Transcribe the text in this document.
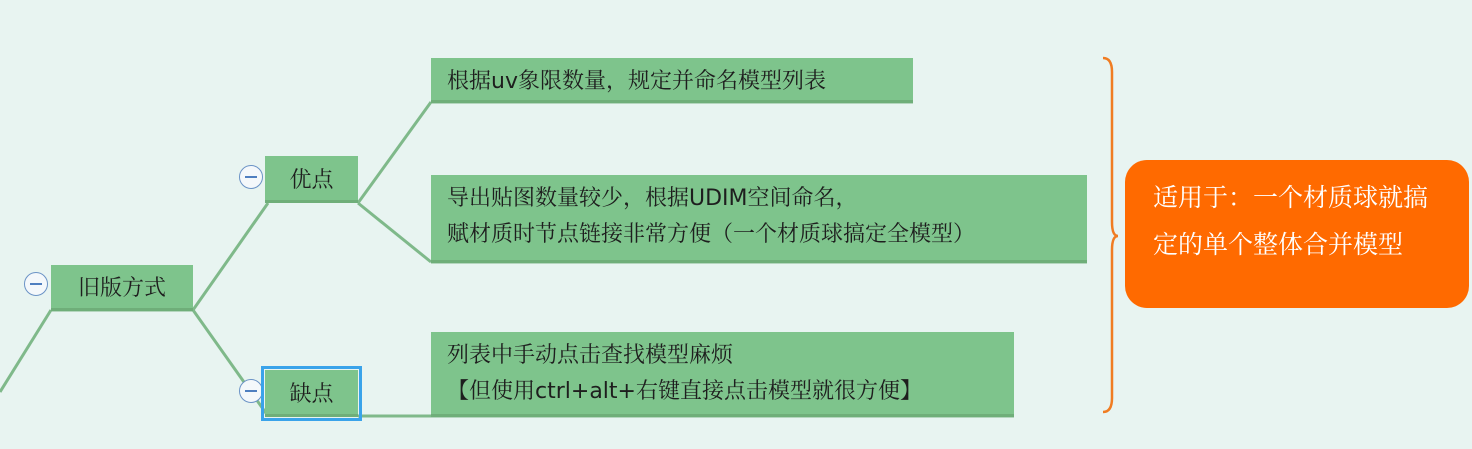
旧版方式
优点
缺点
根据uv象限数量，规定并命名模型列表
导出贴图数量较少，根据UDIM空间命名，
赋材质时节点链接非常方便（一个材质球搞定全模型）
列表中手动点击查找模型麻烦
【但使用ctrl+alt+右键直接点击模型就很方便】
适用于：一个材质球就搞定的单个整体合并模型
